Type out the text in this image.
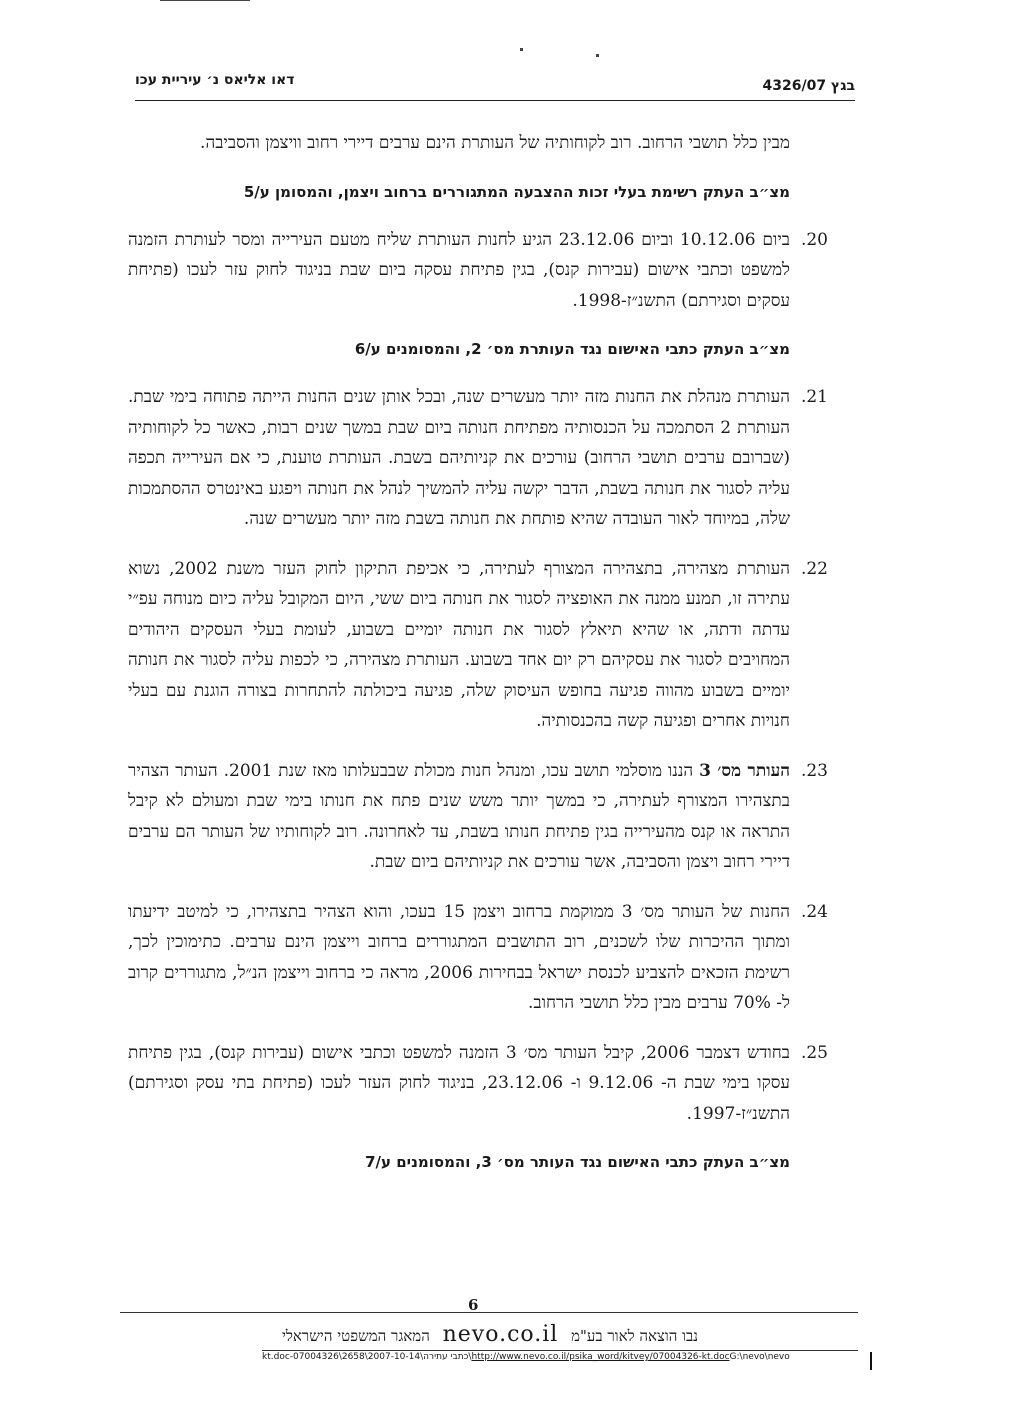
בגץ 4326/07
דאו אליאס נ׳ עיריית עכו
מבין כלל תושבי הרחוב. רוב לקוחותיה של העותרת הינם ערבים דיירי רחוב וויצמן והסביבה.
מצ״ב העתק רשימת בעלי זכות ההצבעה המתגוררים ברחוב ויצמן, והמסומן ע/5
20.
ביום 10.12.06 וביום 23.12.06 הגיע לחנות העותרת שליח מטעם העירייה ומסר לעותרת הזמנה למשפט וכתבי אישום (עבירות קנס), בגין פתיחת עסקה ביום שבת בניגוד לחוק עזר לעכו (פתיחת עסקים וסגירתם) התשנ״ז-1998.
מצ״ב העתק כתבי האישום נגד העותרת מס׳ 2, והמסומנים ע/6
21.
העותרת מנהלת את החנות מזה יותר מעשרים שנה, ובכל אותן שנים החנות הייתה פתוחה בימי שבת. העותרת 2 הסתמכה על הכנסותיה מפתיחת חנותה ביום שבת במשך שנים רבות, כאשר כל לקוחותיה (שברובם ערבים תושבי הרחוב) עורכים את קניותיהם בשבת. העותרת טוענת, כי אם העירייה תכפה עליה לסגור את חנותה בשבת, הדבר יקשה עליה להמשיך לנהל את חנותה ויפגע באינטרס ההסתמכות שלה, במיוחד לאור העובדה שהיא פותחת את חנותה בשבת מזה יותר מעשרים שנה.
22.
העותרת מצהירה, בתצהירה המצורף לעתירה, כי אכיפת התיקון לחוק העזר משנת 2002, נשוא עתירה זו, תמנע ממנה את האופציה לסגור את חנותה ביום ששי, היום המקובל עליה כיום מנוחה עפ״י עדתה ודתה, או שהיא תיאלץ לסגור את חנותה יומיים בשבוע, לעומת בעלי העסקים היהודים המחויבים לסגור את עסקיהם רק יום אחד בשבוע. העותרת מצהירה, כי לכפות עליה לסגור את חנותה יומיים בשבוע מהווה פגיעה בחופש העיסוק שלה, פגיעה ביכולתה להתחרות בצורה הוגנת עם בעלי חנויות אחרים ופגיעה קשה בהכנסותיה.
23.
העותר מס׳ 3 הננו מוסלמי תושב עכו, ומנהל חנות מכולת שבבעלותו מאז שנת 2001. העותר הצהיר בתצהירו המצורף לעתירה, כי במשך יותר משש שנים פתח את חנותו בימי שבת ומעולם לא קיבל התראה או קנס מהעירייה בגין פתיחת חנותו בשבת, עד לאחרונה. רוב לקוחותיו של העותר הם ערבים דיירי רחוב ויצמן והסביבה, אשר עורכים את קניותיהם ביום שבת.
24.
החנות של העותר מס׳ 3 ממוקמת ברחוב ויצמן 15 בעכו, והוא הצהיר בתצהירו, כי למיטב ידיעתו ומתוך ההיכרות שלו לשכנים, רוב התושבים המתגוררים ברחוב וייצמן הינם ערבים. כתימוכין לכך, רשימת הזכאים להצביע לכנסת ישראל בבחירות 2006, מראה כי ברחוב וייצמן הנ״ל, מתגוררים קרוב ל- 70% ערבים מבין כלל תושבי הרחוב.
25.
בחודש דצמבר 2006, קיבל העותר מס׳ 3 הזמנה למשפט וכתבי אישום (עבירות קנס), בגין פתיחת עסקו בימי שבת ה- 9.12.06 ו- 23.12.06, בניגוד לחוק העזר לעכו (פתיחת בתי עסק וסגירתם) התשנ״ז-1997.
מצ״ב העתק כתבי האישום נגד העותר מס׳ 3, והמסומנים ע/7
6
נבו הוצאה לאור בע"מ nevo.co.il המאגר המשפטי הישראלי
kt.doc-07004326\2658\2007-10-14\כתבי עתירה\http://www.nevo.co.il/psika_word/kitvey/07004326-kt.docG:\nevo\nevo
